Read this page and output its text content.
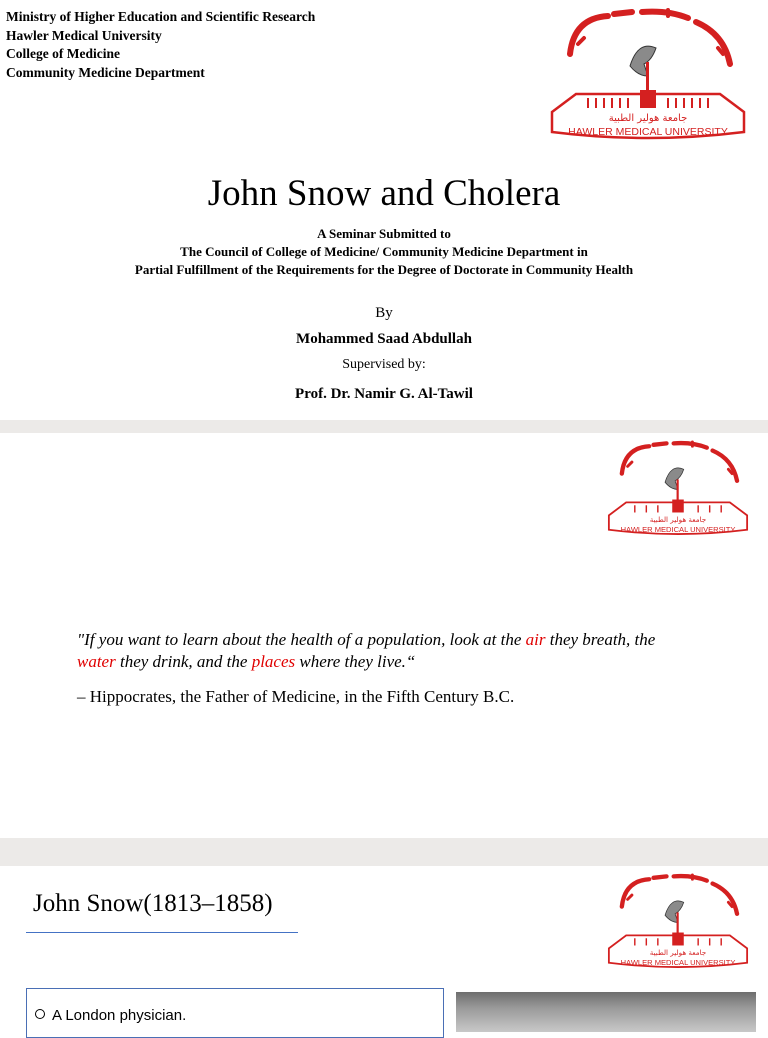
Ministry of Higher Education and Scientific Research
Hawler Medical University
College of Medicine
Community Medicine Department
جامعة هولير الطبية
HAWLER MEDICAL UNIVERSITY
John Snow and Cholera
A Seminar Submitted to
The Council of College of Medicine/ Community Medicine Department in
Partial Fulfillment of the Requirements for the Degree of Doctorate in Community Health
By
Mohammed Saad Abdullah
Supervised by:
Prof. Dr. Namir G. Al-Tawil
جامعة هولير الطبية
HAWLER MEDICAL UNIVERSITY
"If you want to learn about the health of a population, look at the air they breath, the
water they drink, and the places where they live.“
– Hippocrates, the Father of Medicine, in the Fifth Century B.C.
John Snow(1813–1858)
جامعة هولير الطبية
HAWLER MEDICAL UNIVERSITY
A London physician.
